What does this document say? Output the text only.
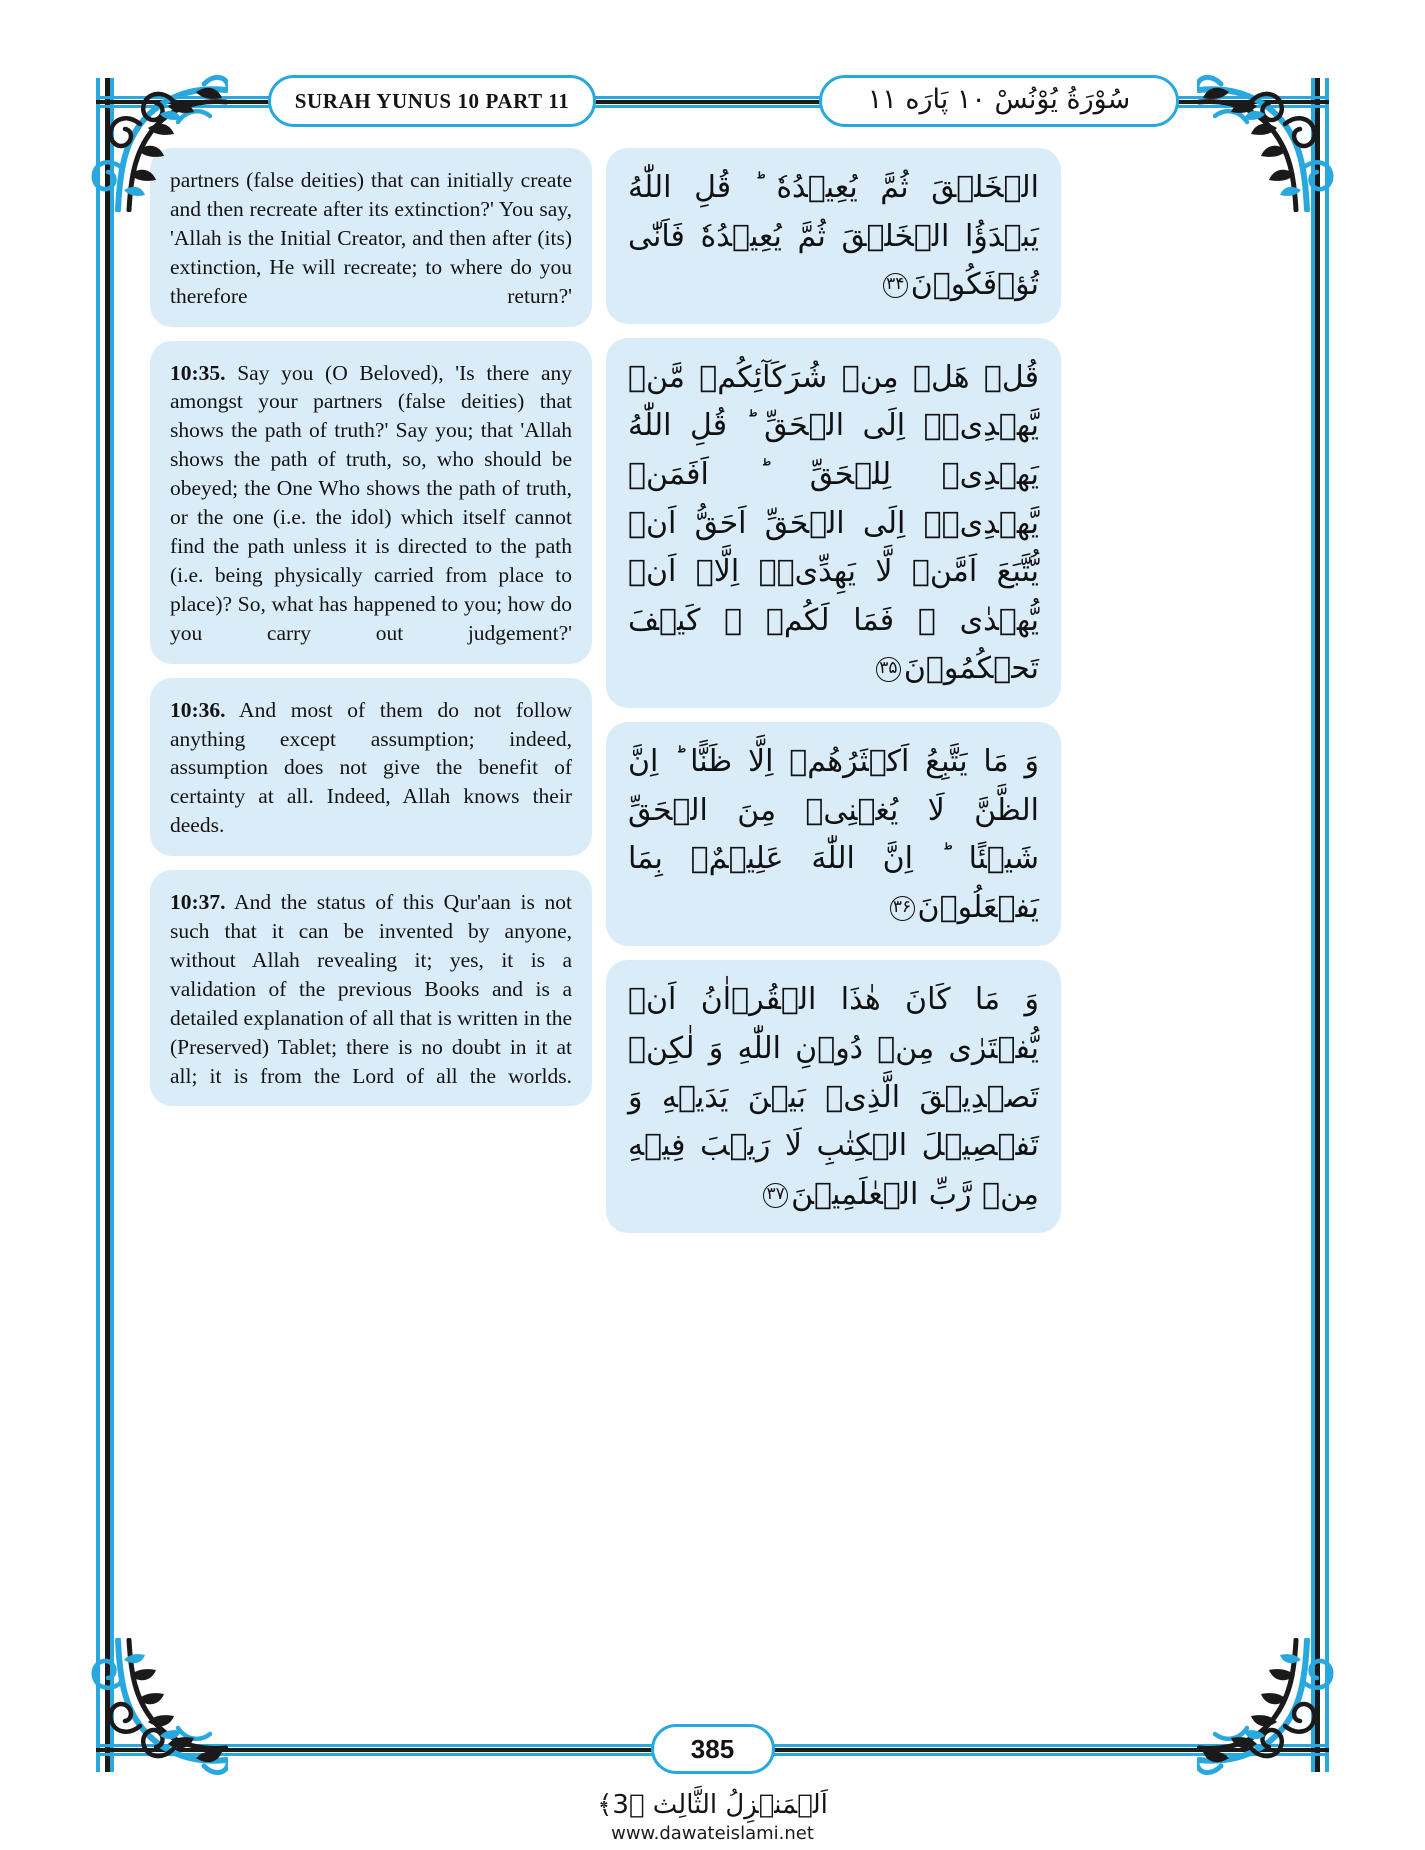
SURAH YUNUS 10 PART 11	سُوْرَةُ یُوْنُسْ ۱۰ پَارَه ۱۱
partners (false deities) that can initially create and then recreate after its extinction?' You say, 'Allah is the Initial Creator, and then after (its) extinction, He will recreate; to where do you therefore return?'
10:35. Say you (O Beloved), 'Is there any amongst your partners (false deities) that shows the path of truth?' Say you; that 'Allah shows the path of truth, so, who should be obeyed; the One Who shows the path of truth, or the one (i.e. the idol) which itself cannot find the path unless it is directed to the path (i.e. being physically carried from place to place)? So, what has happened to you; how do you carry out judgement?'
10:36. And most of them do not follow anything except assumption; indeed, assumption does not give the benefit of certainty at all. Indeed, Allah knows their deeds.
10:37. And the status of this Qur'aan is not such that it can be invented by anyone, without Allah revealing it; yes, it is a validation of the previous Books and is a detailed explanation of all that is written in the (Preserved) Tablet; there is no doubt in it at all; it is from the Lord of all the worlds.
الۡخَلۡقَ ثُمَّ یُعِیۡدُهٗ ؕ قُلِ اللّٰهُ یَبۡدَؤُا الۡخَلۡقَ ثُمَّ یُعِیۡدُهٗ فَاَنّٰی تُؤۡفَكُوۡنَ۳۴
قُلۡ هَلۡ مِنۡ شُرَكَآئِكُمۡ مَّنۡ یَّهۡدِیۡۤ اِلَی الۡحَقِّ ؕ قُلِ اللّٰهُ یَهۡدِیۡ لِلۡحَقِّ ؕ اَفَمَنۡ یَّهۡدِیۡۤ اِلَی الۡحَقِّ اَحَقُّ اَنۡ یُّتَّبَعَ اَمَّنۡ لَّا یَهِدِّیۡۤ اِلَّاۤ اَنۡ یُّهۡدٰی ۚ فَمَا لَكُمۡ ۟ كَیۡفَ تَحۡكُمُوۡنَ۳۵
وَ مَا یَتَّبِعُ اَكۡثَرُهُمۡ اِلَّا ظَنًّا ؕ اِنَّ الظَّنَّ لَا یُغۡنِیۡ مِنَ الۡحَقِّ شَیۡئًا ؕ اِنَّ اللّٰهَ عَلِیۡمٌۢ بِمَا یَفۡعَلُوۡنَ۳۶
وَ مَا كَانَ هٰذَا الۡقُرۡاٰنُ اَنۡ یُّفۡتَرٰی مِنۡ دُوۡنِ اللّٰهِ وَ لٰكِنۡ تَصۡدِیۡقَ الَّذِیۡ بَیۡنَ یَدَیۡهِ وَ تَفۡصِیۡلَ الۡكِتٰبِ لَا رَیۡبَ فِیۡهِ مِنۡ رَّبِّ الۡعٰلَمِیۡنَ۳۷
385
اَلۡمَنۡزِلُ الثَّالِث ﴿3﴾
www.dawateislami.net
